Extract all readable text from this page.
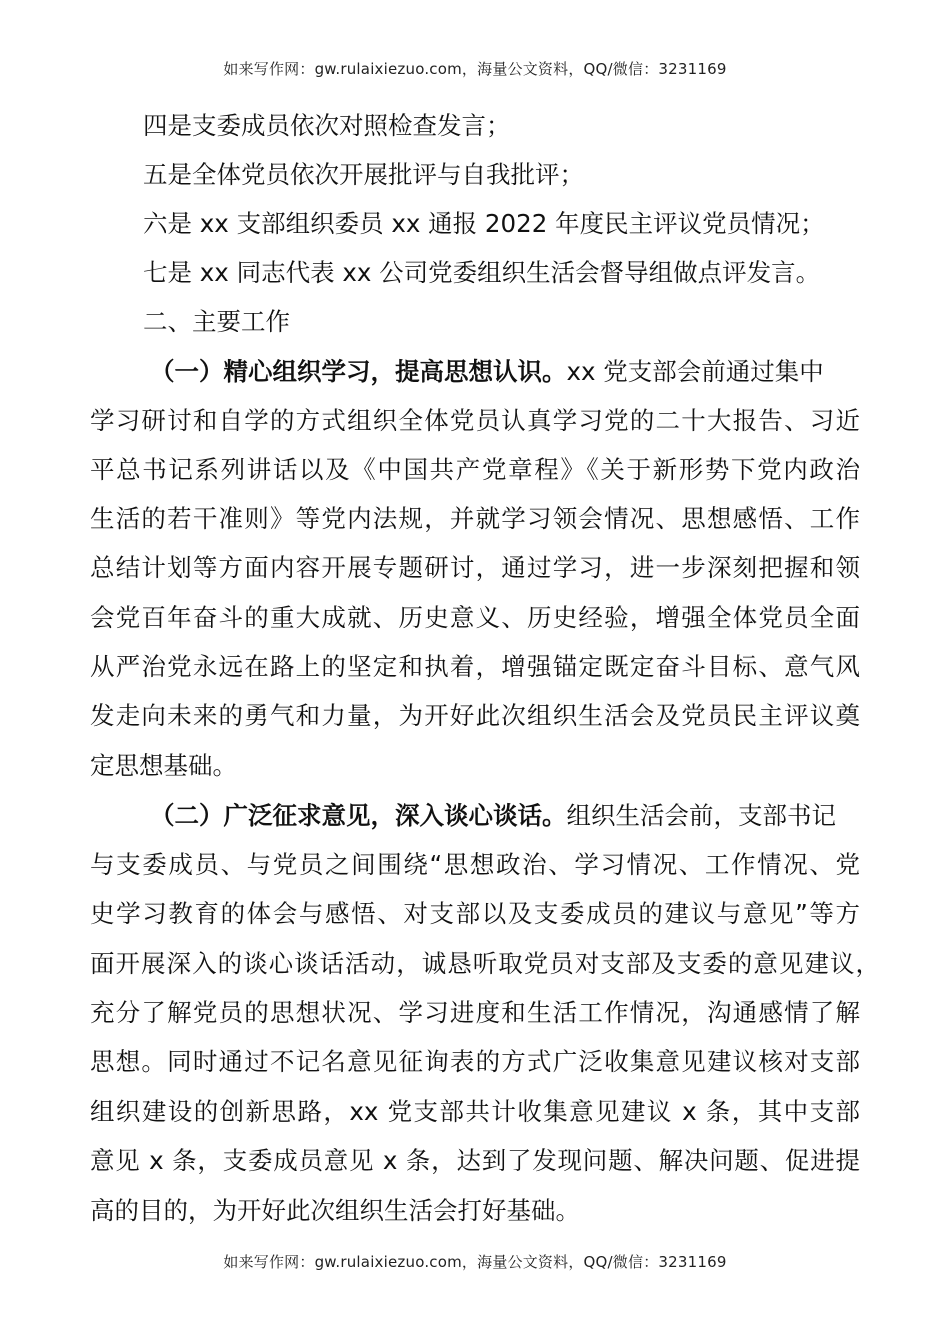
如来写作网：gw.rulaixiezuo.com，海量公文资料，QQ/微信：3231169
四是支委成员依次对照检查发言；
五是全体党员依次开展批评与自我批评；
六是 xx 支部组织委员 xx 通报 2022 年度民主评议党员情况；
七是 xx 同志代表 xx 公司党委组织生活会督导组做点评发言。
二、主要工作
（一）精心组织学习，提高思想认识。xx 党支部会前通过集中
学习研讨和自学的方式组织全体党员认真学习党的二十大报告、习近
平总书记系列讲话以及《中国共产党章程》《关于新形势下党内政治
生活的若干准则》等党内法规，并就学习领会情况、思想感悟、工作
总结计划等方面内容开展专题研讨，通过学习，进一步深刻把握和领
会党百年奋斗的重大成就、历史意义、历史经验，增强全体党员全面
从严治党永远在路上的坚定和执着，增强锚定既定奋斗目标、意气风
发走向未来的勇气和力量，为开好此次组织生活会及党员民主评议奠
定思想基础。
（二）广泛征求意见，深入谈心谈话。组织生活会前，支部书记
与支委成员、与党员之间围绕“思想政治、学习情况、工作情况、党
史学习教育的体会与感悟、对支部以及支委成员的建议与意见”等方
面开展深入的谈心谈话活动，诚恳听取党员对支部及支委的意见建议，
充分了解党员的思想状况、学习进度和生活工作情况，沟通感情了解
思想。同时通过不记名意见征询表的方式广泛收集意见建议核对支部
组织建设的创新思路，xx 党支部共计收集意见建议 x 条，其中支部
意见 x 条，支委成员意见 x 条，达到了发现问题、解决问题、促进提
高的目的，为开好此次组织生活会打好基础。
如来写作网：gw.rulaixiezuo.com，海量公文资料，QQ/微信：3231169
